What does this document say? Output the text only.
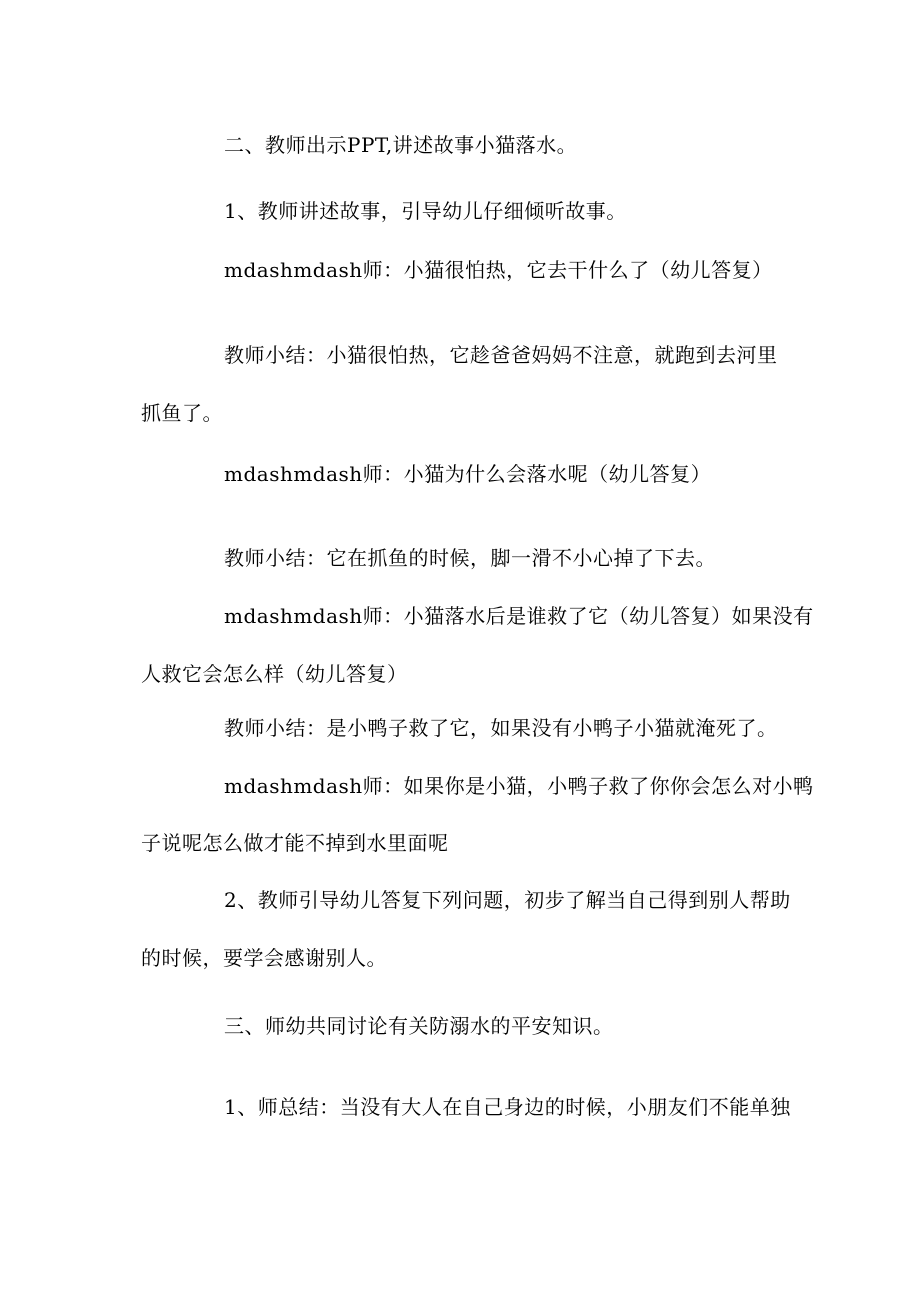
二、教师出示PPT,讲述故事小猫落水。
1、教师讲述故事，引导幼儿仔细倾听故事。
mdashmdash师：小猫很怕热，它去干什么了（幼儿答复）
教师小结：小猫很怕热，它趁爸爸妈妈不注意，就跑到去河里
抓鱼了。
mdashmdash师：小猫为什么会落水呢（幼儿答复）
教师小结：它在抓鱼的时候，脚一滑不小心掉了下去。
mdashmdash师：小猫落水后是谁救了它（幼儿答复）如果没有
人救它会怎么样（幼儿答复）
教师小结：是小鸭子救了它，如果没有小鸭子小猫就淹死了。
mdashmdash师：如果你是小猫，小鸭子救了你你会怎么对小鸭
子说呢怎么做才能不掉到水里面呢
2、教师引导幼儿答复下列问题，初步了解当自己得到别人帮助
的时候，要学会感谢别人。
三、师幼共同讨论有关防溺水的平安知识。
1、师总结：当没有大人在自己身边的时候，小朋友们不能单独
